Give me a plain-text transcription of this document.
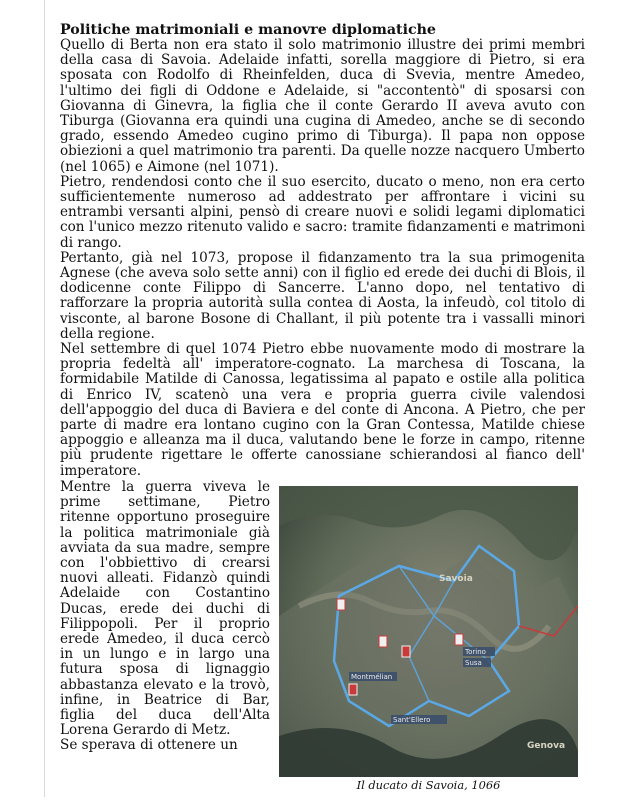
Politiche matrimoniali e manovre diplomatiche

Quello di Berta non era stato il solo matrimonio illustre dei primi membri della casa di Savoia. Adelaide infatti, sorella maggiore di Pietro, si era sposata con Rodolfo di Rheinfelden, duca di Svevia, mentre Amedeo, l'ultimo dei figli di Oddone e Adelaide, si "accontentò" di sposarsi con Giovanna di Ginevra, la figlia che il conte Gerardo II aveva avuto con Tiburga (Giovanna era quindi una cugina di Amedeo, anche se di secondo grado, essendo Amedeo cugino primo di Tiburga). Il papa non oppose obiezioni a quel matrimonio tra parenti. Da quelle nozze nacquero Umberto (nel 1065) e Aimone (nel 1071).

Pietro, rendendosi conto che il suo esercito, ducato o meno, non era certo sufficientemente numeroso ad addestrato per affrontare i vicini su entrambi versanti alpini, pensò di creare nuovi e solidi legami diplomatici con l'unico mezzo ritenuto valido e sacro: tramite fidanzamenti e matrimoni di rango.

Pertanto, già nel 1073, propose il fidanzamento tra la sua primogenita Agnese (che aveva solo sette anni) con il figlio ed erede dei duchi di Blois, il dodicenne conte Filippo di Sancerre. L'anno dopo, nel tentativo di rafforzare la propria autorità sulla contea di Aosta, la infeudò, col titolo di visconte, al barone Bosone di Challant, il più potente tra i vassalli minori della regione.

Nel settembre di quel 1074 Pietro ebbe nuovamente modo di mostrare la propria fedeltà all' imperatore-cognato. La marchesa di Toscana, la formidabile Matilde di Canossa, legatissima al papato e ostile alla politica di Enrico IV, scatenò una vera e propria guerra civile valendosi dell'appoggio del duca di Baviera e del conte di Ancona. A Pietro, che per parte di madre era lontano cugino con la Gran Contessa, Matilde chiese appoggio e alleanza ma il duca, valutando bene le forze in campo, ritenne più prudente rigettare le offerte canossiane schierandosi al fianco dell' imperatore.

Mentre la guerra viveva le prime settimane, Pietro ritenne opportuno proseguire la politica matrimoniale già avviata da sua madre, sempre con l'obbiettivo di crearsi nuovi alleati. Fidanzò quindi Adelaide con Costantino Ducas, erede dei duchi di Filippopoli. Per il proprio erede Amedeo, il duca cercò in un lungo e in largo una futura sposa di lignaggio abbastanza elevato e la trovò, infine, in Beatrice di Bar, figlia del duca dell'Alta Lorena Gerardo di Metz.

Se sperava di ottenere un

Montmélian
Savoia
Torino
Susa
Sant'Ellero
Genova
Il ducato di Savoia, 1066
